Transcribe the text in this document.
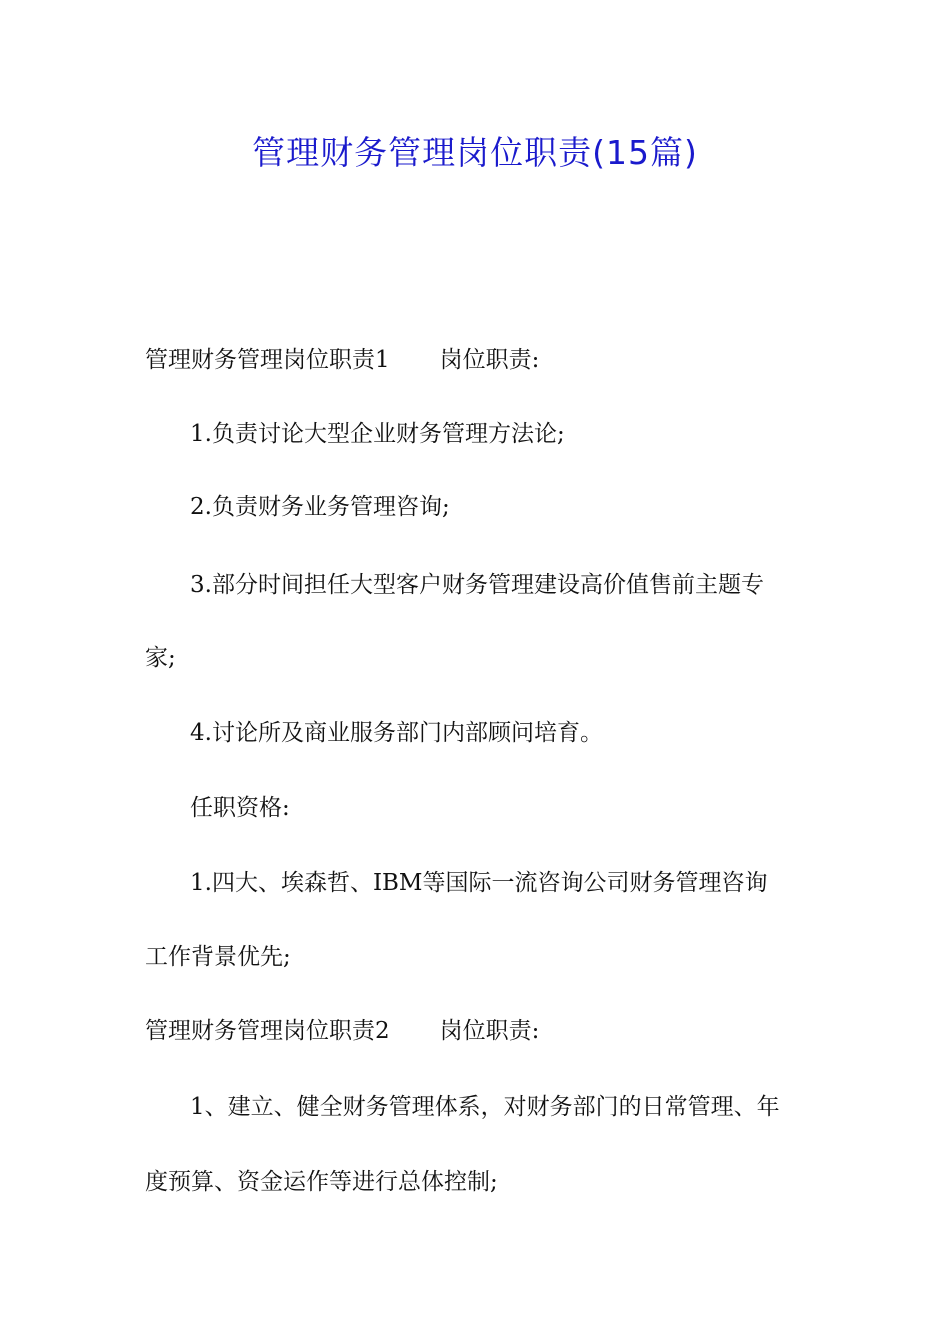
管理财务管理岗位职责(15篇)
管理财务管理岗位职责1 岗位职责:
1.负责讨论大型企业财务管理方法论;
2.负责财务业务管理咨询;
3.部分时间担任大型客户财务管理建设高价值售前主题专
家;
4.讨论所及商业服务部门内部顾问培育。
任职资格:
1.四大、埃森哲、IBM等国际一流咨询公司财务管理咨询
工作背景优先;
管理财务管理岗位职责2 岗位职责:
1、建立、健全财务管理体系，对财务部门的日常管理、年
度预算、资金运作等进行总体控制;
